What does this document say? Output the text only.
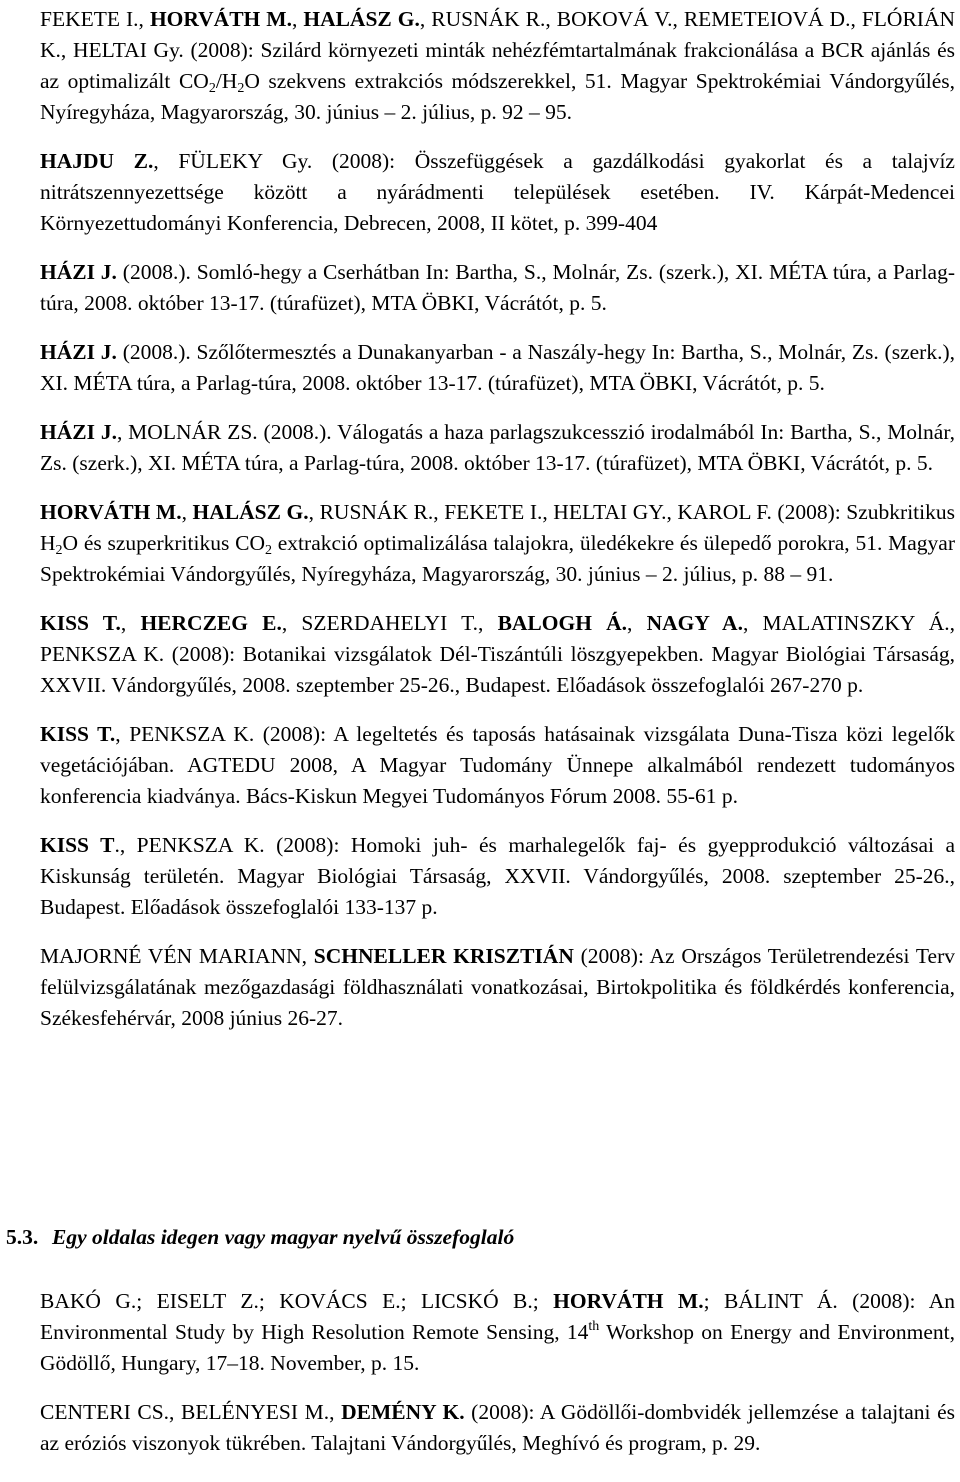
FEKETE I., HORVÁTH M., HALÁSZ G., RUSNÁK R., BOKOVÁ V., REMETEIOVÁ D., FLÓRIÁN K., HELTAI Gy. (2008): Szilárd környezeti minták nehézfémtartalmának frakcionálása a BCR ajánlás és az optimalizált $CO_2/H_2O$ szekvens extrakciós módszerekkel, 51. Magyar Spektrokémiai Vándorgyűlés, Nyíregyháza, Magyarország, 30. június – 2. július, p. 92 – 95.

HAJDU Z., FÜLEKY Gy. (2008): Összefüggések a gazdálkodási gyakorlat és a talajvíz nitrátszennyezettsége között a nyárádmenti települések esetében. IV. Kárpát-Medencei Környezettudományi Konferencia, Debrecen, 2008, II kötet, p. 399-404

HÁZI J. (2008.). Somló-hegy a Cserhátban In: Bartha, S., Molnár, Zs. (szerk.), XI. MÉTA túra, a Parlag-túra, 2008. október 13-17. (túrafüzet), MTA ÖBKI, Vácrátót, p. 5.

HÁZI J. (2008.). Szőlőtermesztés a Dunakanyarban - a Naszály-hegy In: Bartha, S., Molnár, Zs. (szerk.), XI. MÉTA túra, a Parlag-túra, 2008. október 13-17. (túrafüzet), MTA ÖBKI, Vácrátót, p. 5.

HÁZI J., MOLNÁR ZS. (2008.). Válogatás a haza parlagszukcesszió irodalmából In: Bartha, S., Molnár, Zs. (szerk.), XI. MÉTA túra, a Parlag-túra, 2008. október 13-17. (túrafüzet), MTA ÖBKI, Vácrátót, p. 5.

HORVÁTH M., HALÁSZ G., RUSNÁK R., FEKETE I., HELTAI GY., KAROL F. (2008): Szubkritikus $H_2O$ és szuperkritikus $CO_2$ extrakció optimalizálása talajokra, üledékekre és ülepedő porokra, 51. Magyar Spektrokémiai Vándorgyűlés, Nyíregyháza, Magyarország, 30. június – 2. július, p. 88 – 91.

KISS T., HERCZEG E., SZERDAHELYI T., BALOGH Á., NAGY A., MALATINSZKY Á., PENKSZA K. (2008): Botanikai vizsgálatok Dél-Tiszántúli löszgyepekben. Magyar Biológiai Társaság, XXVII. Vándorgyűlés, 2008. szeptember 25-26., Budapest. Előadások összefoglalói 267-270 p.

KISS T., PENKSZA K. (2008): A legeltetés és taposás hatásainak vizsgálata Duna-Tisza közi legelők vegetációjában. AGTEDU 2008, A Magyar Tudomány Ünnepe alkalmából rendezett tudományos konferencia kiadványa. Bács-Kiskun Megyei Tudományos Fórum 2008. 55-61 p.

KISS T., PENKSZA K. (2008): Homoki juh- és marhalegelők faj- és gyepprodukció változásai a Kiskunság területén. Magyar Biológiai Társaság, XXVII. Vándorgyűlés, 2008. szeptember 25-26., Budapest. Előadások összefoglalói 133-137 p.

MAJORNÉ VÉN MARIANN, SCHNELLER KRISZTIÁN (2008): Az Országos Területrendezési Terv felülvizsgálatának mezőgazdasági földhasználati vonatkozásai, Birtokpolitika és földkérdés konferencia, Székesfehérvár, 2008 június 26-27.

5.3. Egy oldalas idegen vagy magyar nyelvű összefoglaló

BAKÓ G.; EISELT Z.; KOVÁCS E.; LICSKÓ B.; HORVÁTH M.; BÁLINT Á. (2008): An Environmental Study by High Resolution Remote Sensing, 14th Workshop on Energy and Environment, Gödöllő, Hungary, 17–18. November, p. 15.

CENTERI CS., BELÉNYESI M., DEMÉNY K. (2008): A Gödöllői-dombvidék jellemzése a talajtani és az eróziós viszonyok tükrében. Talajtani Vándorgyűlés, Meghívó és program, p. 29.
